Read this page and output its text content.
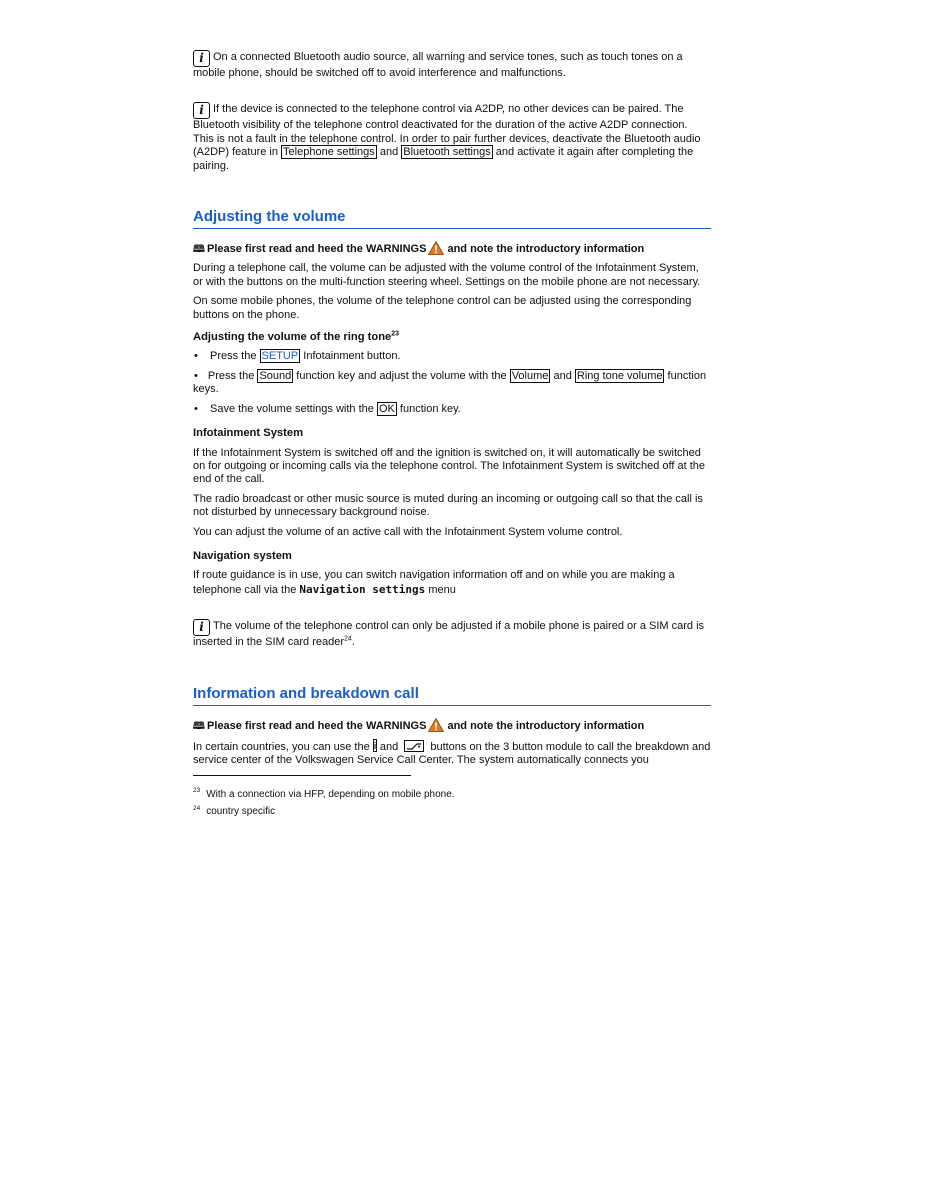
i On a connected Bluetooth audio source, all warning and service tones, such as touch tones on a mobile phone, should be switched off to avoid interference and malfunctions.

i If the device is connected to the telephone control via A2DP, no other devices can be paired. The Bluetooth visibility of the telephone control deactivated for the duration of the active A2DP connection. This is not a fault in the telephone control. In order to pair further devices, deactivate the Bluetooth audio (A2DP) feature in Telephone settings and Bluetooth settings and activate it again after completing the pairing.

Adjusting the volume

🕮 Please first read and heed the WARNINGS and note the introductory information

During a telephone call, the volume can be adjusted with the volume control of the Infotainment System, or with the buttons on the multi-function steering wheel. Settings on the mobile phone are not necessary.

On some mobile phones, the volume of the telephone control can be adjusted using the corresponding buttons on the phone.

Adjusting the volume of the ring tone$^{23}$
• Press the SETUP Infotainment button.
• Press the Sound function key and adjust the volume with the Volume and Ring tone volume function keys.
• Save the volume settings with the OK function key.
Infotainment System

If the Infotainment System is switched off and the ignition is switched on, it will automatically be switched on for outgoing or incoming calls via the telephone control. The Infotainment System is switched off at the end of the call.

The radio broadcast or other music source is muted during an incoming or outgoing call so that the call is not disturbed by unnecessary background noise.

You can adjust the volume of an active call with the Infotainment System volume control.

Navigation system

If route guidance is in use, you can switch navigation information off and on while you are making a telephone call via the Navigation settings menu

i The volume of the telephone control can only be adjusted if a mobile phone is paired or a SIM card is inserted in the SIM card reader$^{24}$.

Information and breakdown call

🕮 Please first read and heed the WARNINGS and note the introductory information

In certain countries, you can use the and	buttons on the 3 button module to call the breakdown and service center of the Volkswagen Service Call Center. The system automatically connects you

$^{23}$ With a connection via HFP, depending on mobile phone.

$^{24}$ country specific
